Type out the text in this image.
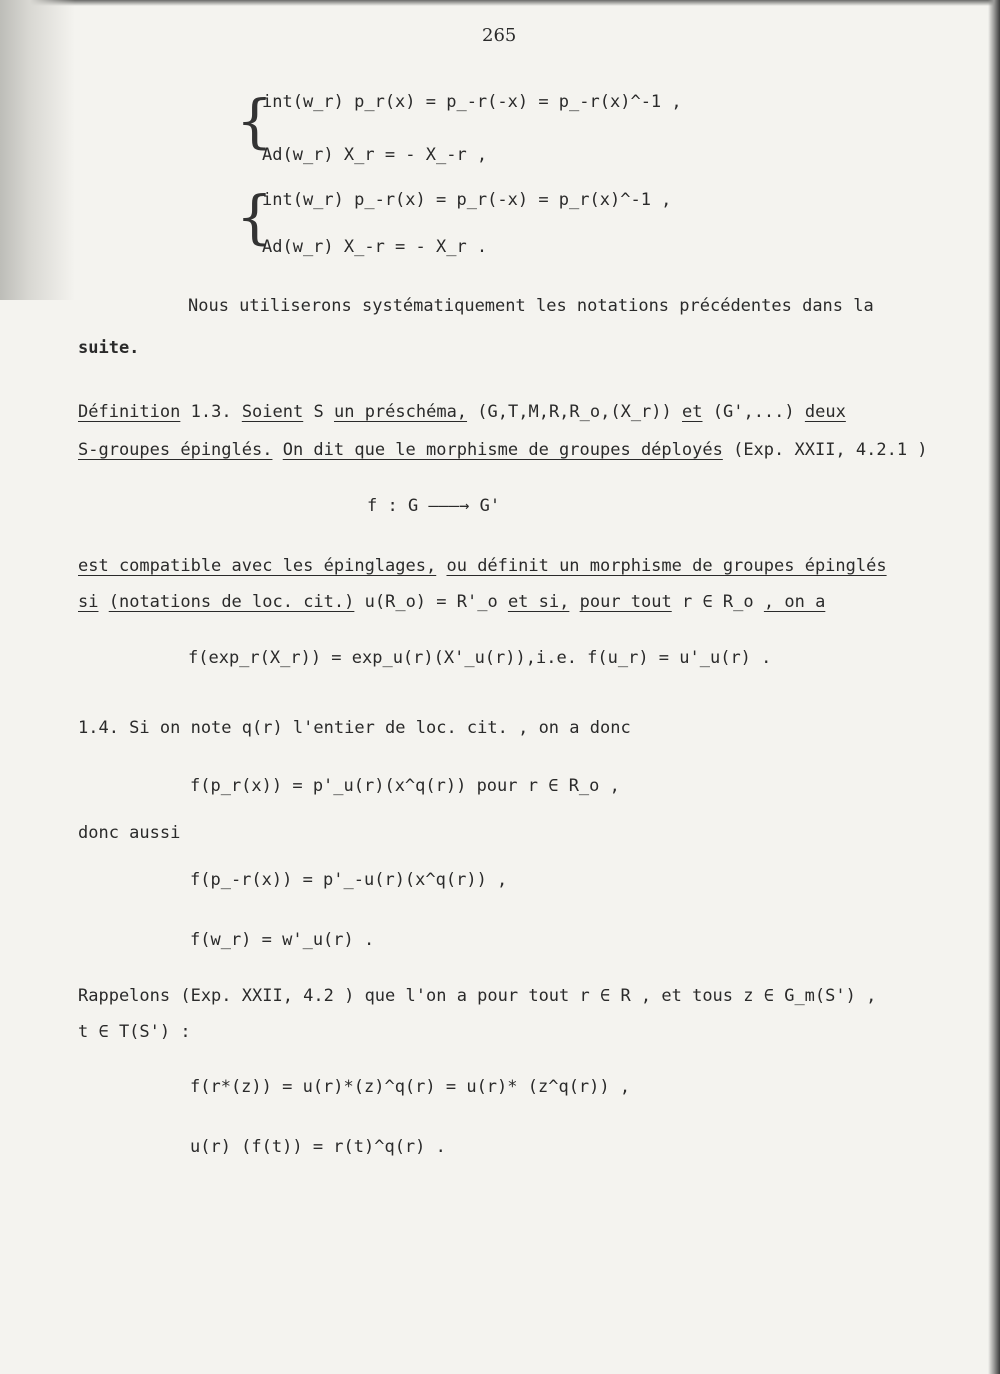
265
{
int(w_r) p_r(x) = p_-r(-x) = p_-r(x)^-1 ,
Ad(w_r) X_r = - X_-r ,
{
int(w_r) p_-r(x) = p_r(-x) = p_r(x)^-1 ,
Ad(w_r) X_-r = - X_r .
Nous utiliserons systématiquement les notations précédentes dans la
suite.
Définition 1.3. Soient S un préschéma, (G,T,M,R,R_o,(X_r)) et (G',...) deux
S-groupes épinglés. On dit que le morphisme de groupes déployés (Exp. XXII, 4.2.1 )
f : G ———→ G'
est compatible avec les épinglages, ou définit un morphisme de groupes épinglés
si (notations de loc. cit.) u(R_o) = R'_o et si, pour tout r ∈ R_o , on a
f(exp_r(X_r)) = exp_u(r)(X'_u(r)),i.e. f(u_r) = u'_u(r) .
1.4. Si on note q(r) l'entier de loc. cit. , on a donc
f(p_r(x)) = p'_u(r)(x^q(r)) pour r ∈ R_o ,
donc aussi
f(p_-r(x)) = p'_-u(r)(x^q(r)) ,
f(w_r) = w'_u(r) .
Rappelons (Exp. XXII, 4.2 ) que l'on a pour tout r ∈ R , et tous z ∈ G_m(S') ,
t ∈ T(S') :
f(r*(z)) = u(r)*(z)^q(r) = u(r)* (z^q(r)) ,
u(r) (f(t)) = r(t)^q(r) .
